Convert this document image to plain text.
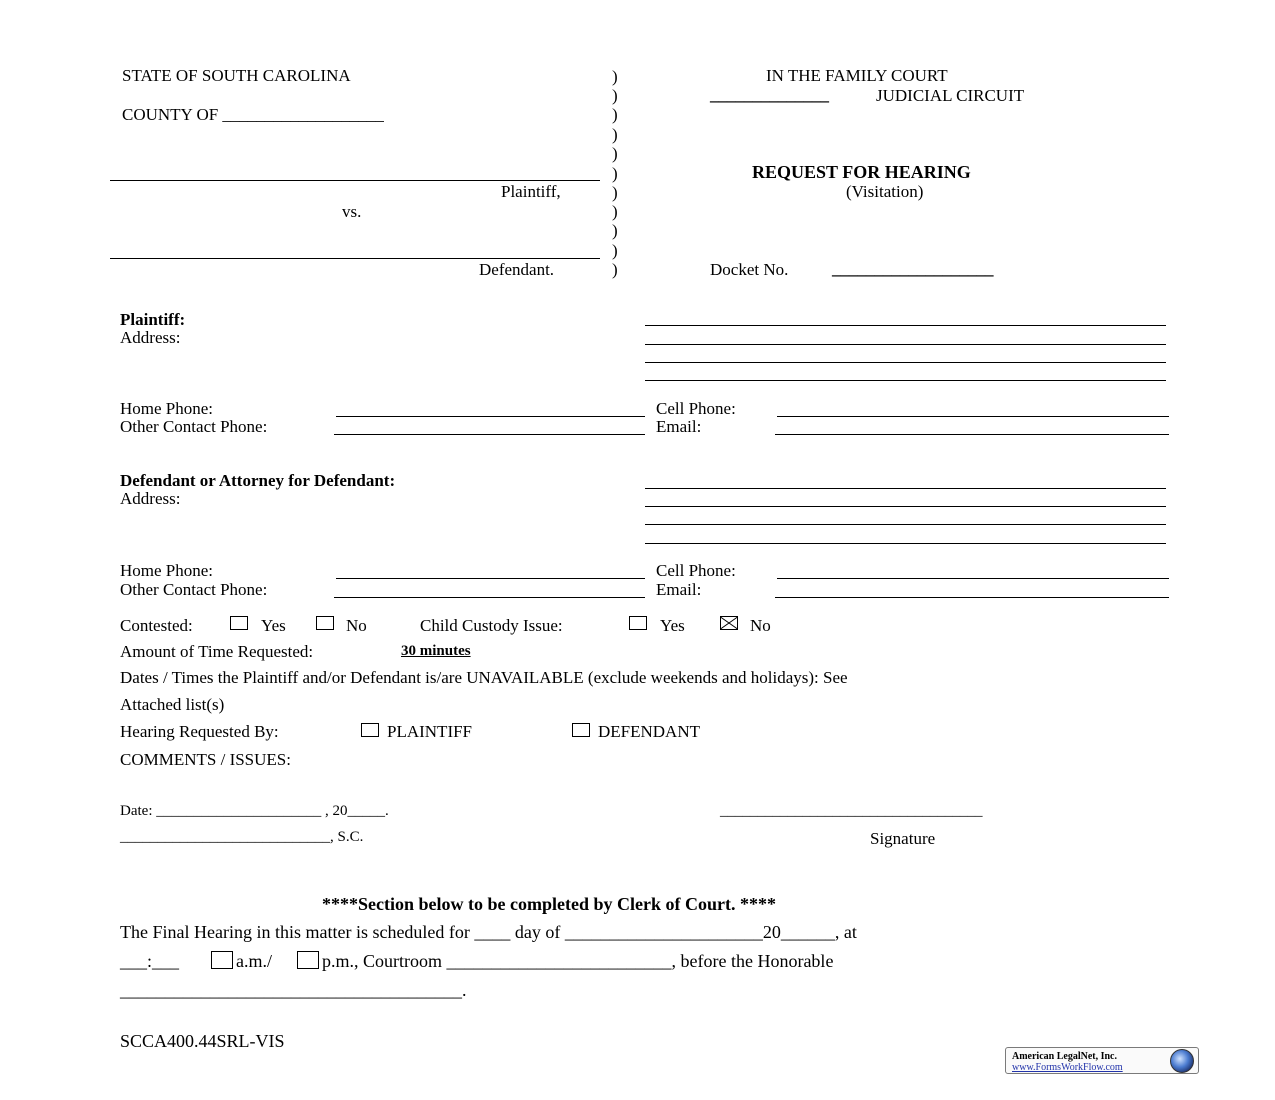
STATE OF SOUTH CAROLINA
COUNTY OF ___________________
Plaintiff,
vs.
Defendant.
)
)
)
)
)
)
)
)
)
)
)
IN THE FAMILY COURT
______________	JUDICIAL CIRCUIT
REQUEST FOR HEARING
(Visitation)
Docket No.	___________________
Plaintiff:
Address:
Home Phone:	Cell Phone:
Other Contact Phone:	Email:
Defendant or Attorney for Defendant:
Address:
Home Phone:	Cell Phone:
Other Contact Phone:	Email:
Contested:	Yes	No	Child Custody Issue:	Yes	No
Amount of Time Requested:	30 minutes
Dates / Times the Plaintiff and/or Defendant is/are UNAVAILABLE (exclude weekends and holidays): See
Attached list(s)
Hearing Requested By:	PLAINTIFF	DEFENDANT
COMMENTS / ISSUES:
Date: ______________________ , 20_____.	___________________________________
____________________________, S.C.	Signature
****Section below to be completed by Clerk of Court. ****
The Final Hearing in this matter is scheduled for ____ day of ______________________20______, at
___:___	a.m./	p.m., Courtroom _________________________, before the Honorable
______________________________________.
SCCA400.44SRL-VIS
American LegalNet, Inc.
www.FormsWorkFlow.com
